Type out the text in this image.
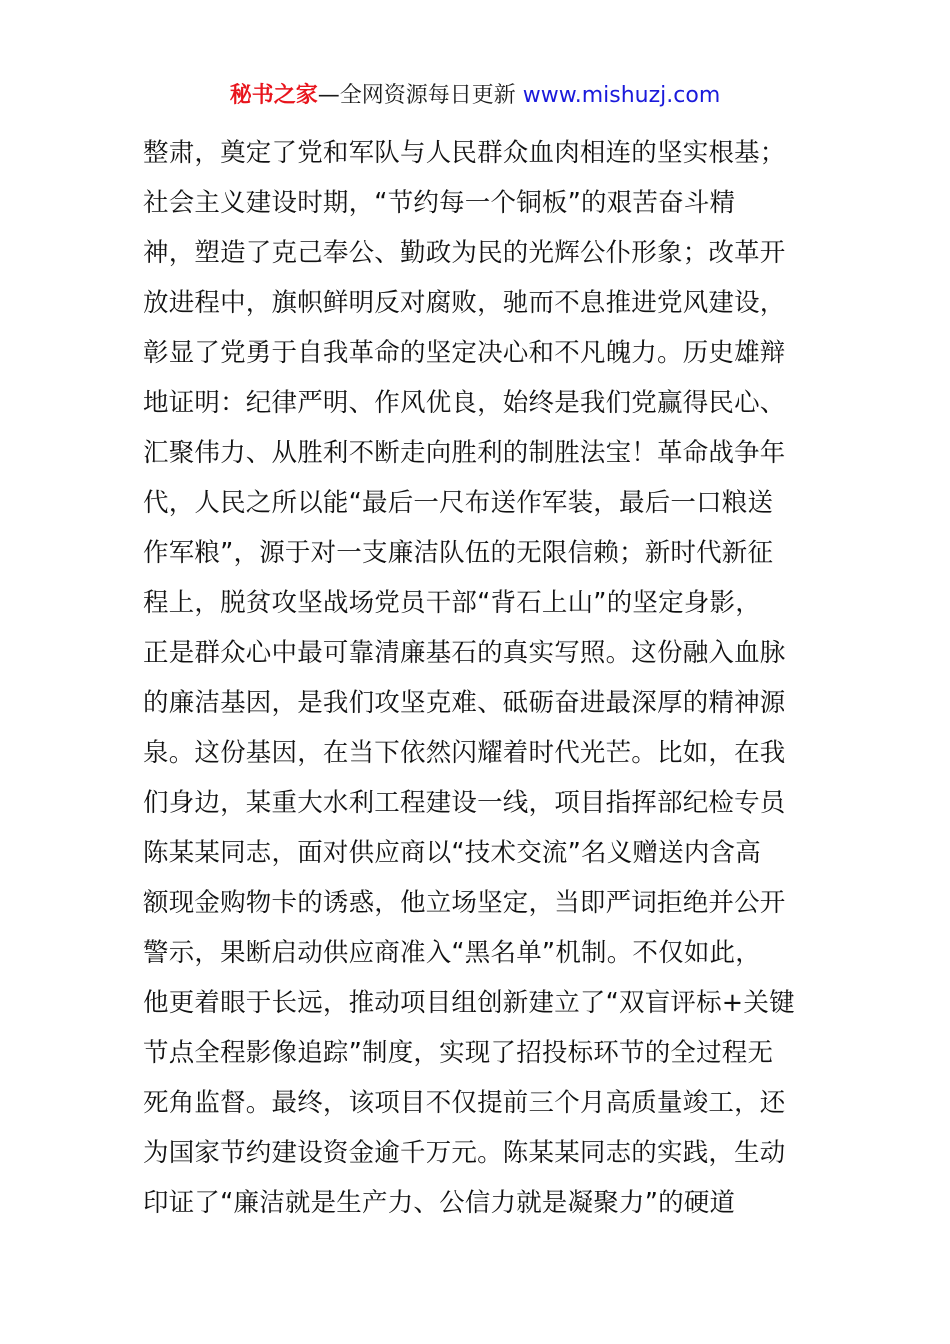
秘书之家—全网资源每日更新 www.mishuzj.com
整肃，奠定了党和军队与人民群众血肉相连的坚实根基；
社会主义建设时期，“节约每一个铜板”的艰苦奋斗精
神，塑造了克己奉公、勤政为民的光辉公仆形象；改革开
放进程中，旗帜鲜明反对腐败，驰而不息推进党风建设，
彰显了党勇于自我革命的坚定决心和不凡魄力。历史雄辩
地证明：纪律严明、作风优良，始终是我们党赢得民心、
汇聚伟力、从胜利不断走向胜利的制胜法宝！革命战争年
代，人民之所以能“最后一尺布送作军装，最后一口粮送
作军粮”，源于对一支廉洁队伍的无限信赖；新时代新征
程上，脱贫攻坚战场党员干部“背石上山”的坚定身影，
正是群众心中最可靠清廉基石的真实写照。这份融入血脉
的廉洁基因，是我们攻坚克难、砥砺奋进最深厚的精神源
泉。这份基因，在当下依然闪耀着时代光芒。比如，在我
们身边，某重大水利工程建设一线，项目指挥部纪检专员
陈某某同志，面对供应商以“技术交流”名义赠送内含高
额现金购物卡的诱惑，他立场坚定，当即严词拒绝并公开
警示，果断启动供应商准入“黑名单”机制。不仅如此，
他更着眼于长远，推动项目组创新建立了“双盲评标+关键
节点全程影像追踪”制度，实现了招投标环节的全过程无
死角监督。最终，该项目不仅提前三个月高质量竣工，还
为国家节约建设资金逾千万元。陈某某同志的实践，生动
印证了“廉洁就是生产力、公信力就是凝聚力”的硬道
